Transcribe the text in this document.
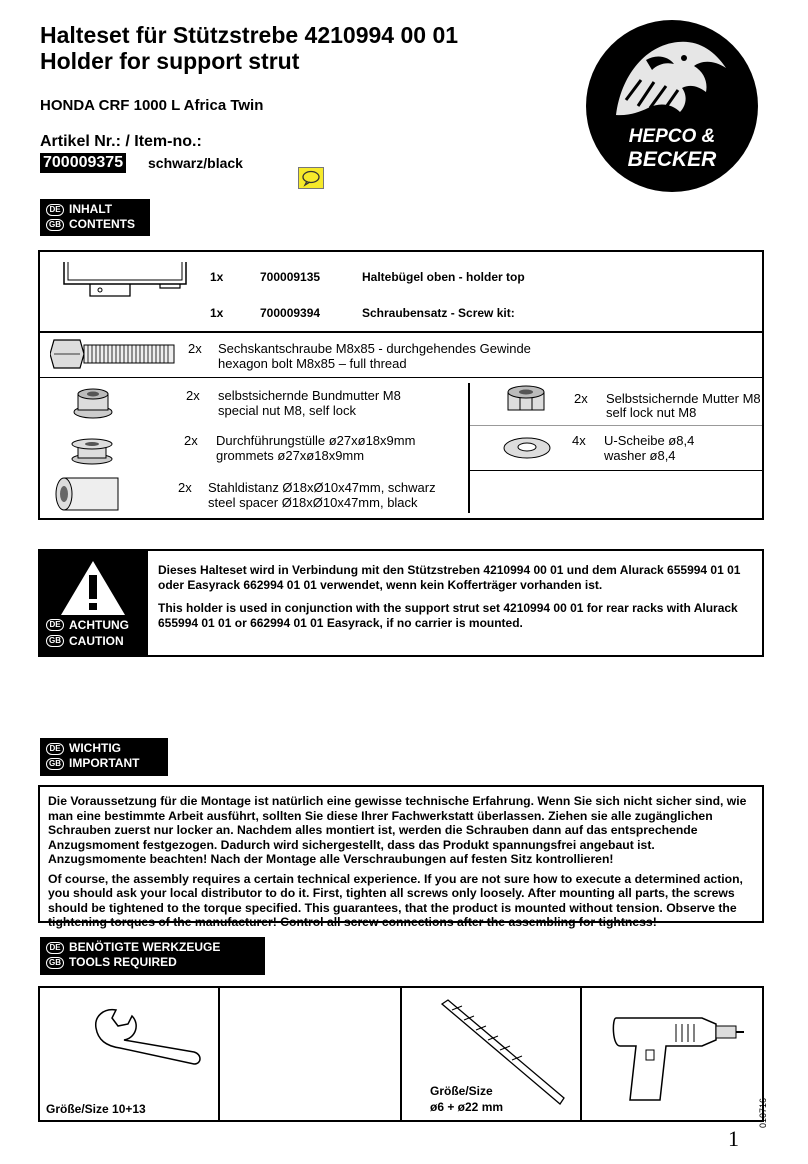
Halteset für Stützstrebe 4210994 00 01
Holder for support strut
HONDA CRF 1000 L Africa Twin
Artikel Nr.: / Item-no.:
700009375 schwarz/black
HEPCO &
BECKER
DE INHALT
GB CONTENTS
1x	700009135	Haltebügel oben - holder top
1x	700009394	Schraubensatz - Screw kit:
2x Sechskantschraube M8x85 - durchgehendes Gewinde
hexagon bolt M8x85 – full thread
2x selbstsichernde Bundmutter M8
special nut M8, self lock
2x Durchführungstülle ø27xø18x9mm
grommets ø27xø18x9mm
2x Stahldistanz Ø18xØ10x47mm, schwarz
steel spacer Ø18xØ10x47mm, black
2x Selbstsichernde Mutter M8
self lock nut M8
4x U-Scheibe ø8,4
washer ø8,4
DE ACHTUNG
GB CAUTION
Dieses Halteset wird in Verbindung mit den Stützstreben 4210994 00 01 und dem Alurack 655994 01 01 oder Easyrack 662994 01 01 verwendet, wenn kein Kofferträger vorhanden ist.
This holder is used in conjunction with the support strut set 4210994 00 01 for rear racks with Alurack 655994 01 01 or 662994 01 01 Easyrack, if no carrier is mounted.
DE WICHTIG
GB IMPORTANT
Die Voraussetzung für die Montage ist natürlich eine gewisse technische Erfahrung. Wenn Sie sich nicht sicher sind, wie man eine bestimmte Arbeit ausführt, sollten Sie diese Ihrer Fachwerkstatt überlassen. Ziehen sie alle zugänglichen Schrauben zuerst nur locker an. Nachdem alles montiert ist, werden die Schrauben dann auf das entsprechende Anzugsmoment festgezogen. Dadurch wird sichergestellt, dass das Produkt spannungsfrei angebaut ist. Anzugsmomente beachten! Nach der Montage alle Verschraubungen auf festen Sitz kontrollieren!
Of course, the assembly requires a certain technical experience. If you are not sure how to execute a determined action, you should ask your local distributor to do it. First, tighten all screws only loosely. After mounting all parts, the screws should be tightened to the torque specified. This guarantees, that the product is mounted without tension. Observe the tightening torques of the manufacturer! Control all screw connections after the assembling for tightness!
DE BENÖTIGTE WERKZEUGE
GB TOOLS REQUIRED
Größe/Size 10+13
Größe/Size
ø6 + ø22 mm	010716
1
